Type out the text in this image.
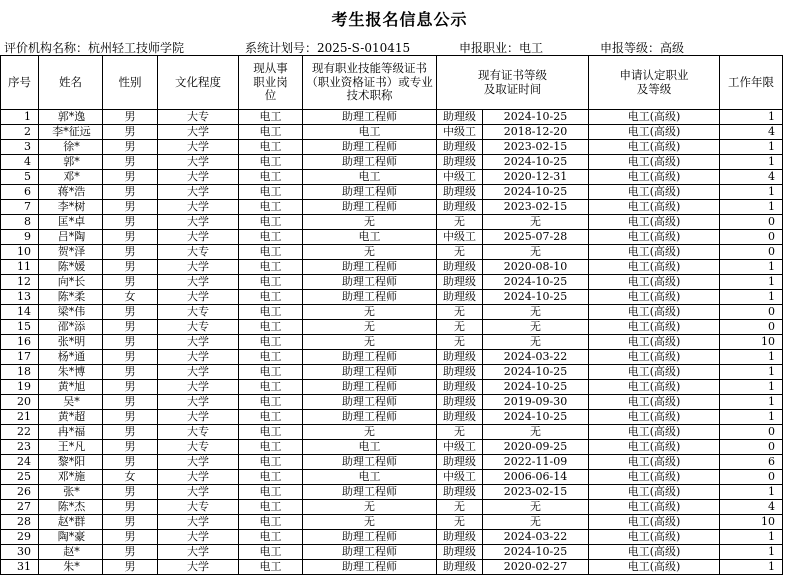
考生报名信息公示
评价机构名称：杭州轻工技师学院	系统计划号：2025-S-010415	申报职业：电工	申报等级：高级
序号	姓名	性别	文化程度	现从事职业岗位	现有职业技能等级证书（职业资格证书）或专业技术职称	现有证书等级及取证时间		申请认定职业及等级	工作年限
1	郭*逸	男	大专	电工	助理工程师	助理级	2024-10-25	电工(高级)	1
2	李*征远	男	大学	电工	电工	中级工	2018-12-20	电工(高级)	4
3	徐*	男	大学	电工	助理工程师	助理级	2023-02-15	电工(高级)	1
4	郭*	男	大学	电工	助理工程师	助理级	2024-10-25	电工(高级)	1
5	邓*	男	大学	电工	电工	中级工	2020-12-31	电工(高级)	4
6	蒋*浩	男	大学	电工	助理工程师	助理级	2024-10-25	电工(高级)	1
7	李*树	男	大学	电工	助理工程师	助理级	2023-02-15	电工(高级)	1
8	匡*卓	男	大学	电工	无	无	无	电工(高级)	0
9	吕*陶	男	大学	电工	电工	中级工	2025-07-28	电工(高级)	0
10	贺*泽	男	大专	电工	无	无	无	电工(高级)	0
11	陈*媛	男	大学	电工	助理工程师	助理级	2020-08-10	电工(高级)	1
12	向*长	男	大学	电工	助理工程师	助理级	2024-10-25	电工(高级)	1
13	陈*柔	女	大学	电工	助理工程师	助理级	2024-10-25	电工(高级)	1
14	梁*伟	男	大专	电工	无	无	无	电工(高级)	0
15	邵*添	男	大专	电工	无	无	无	电工(高级)	0
16	张*明	男	大学	电工	无	无	无	电工(高级)	10
17	杨*通	男	大学	电工	助理工程师	助理级	2024-03-22	电工(高级)	1
18	朱*博	男	大学	电工	助理工程师	助理级	2024-10-25	电工(高级)	1
19	黄*旭	男	大学	电工	助理工程师	助理级	2024-10-25	电工(高级)	1
20	吴*	男	大学	电工	助理工程师	助理级	2019-09-30	电工(高级)	1
21	黄*超	男	大学	电工	助理工程师	助理级	2024-10-25	电工(高级)	1
22	冉*福	男	大专	电工	无	无	无	电工(高级)	0
23	王*凡	男	大专	电工	电工	中级工	2020-09-25	电工(高级)	0
24	黎*阳	男	大学	电工	助理工程师	助理级	2022-11-09	电工(高级)	6
25	邓*施	女	大学	电工	电工	中级工	2006-06-14	电工(高级)	0
26	张*	男	大学	电工	助理工程师	助理级	2023-02-15	电工(高级)	1
27	陈*杰	男	大专	电工	无	无	无	电工(高级)	4
28	赵*群	男	大学	电工	无	无	无	电工(高级)	10
29	陶*豪	男	大学	电工	助理工程师	助理级	2024-03-22	电工(高级)	1
30	赵*	男	大学	电工	助理工程师	助理级	2024-10-25	电工(高级)	1
31	朱*	男	大学	电工	助理工程师	助理级	2020-02-27	电工(高级)	1
